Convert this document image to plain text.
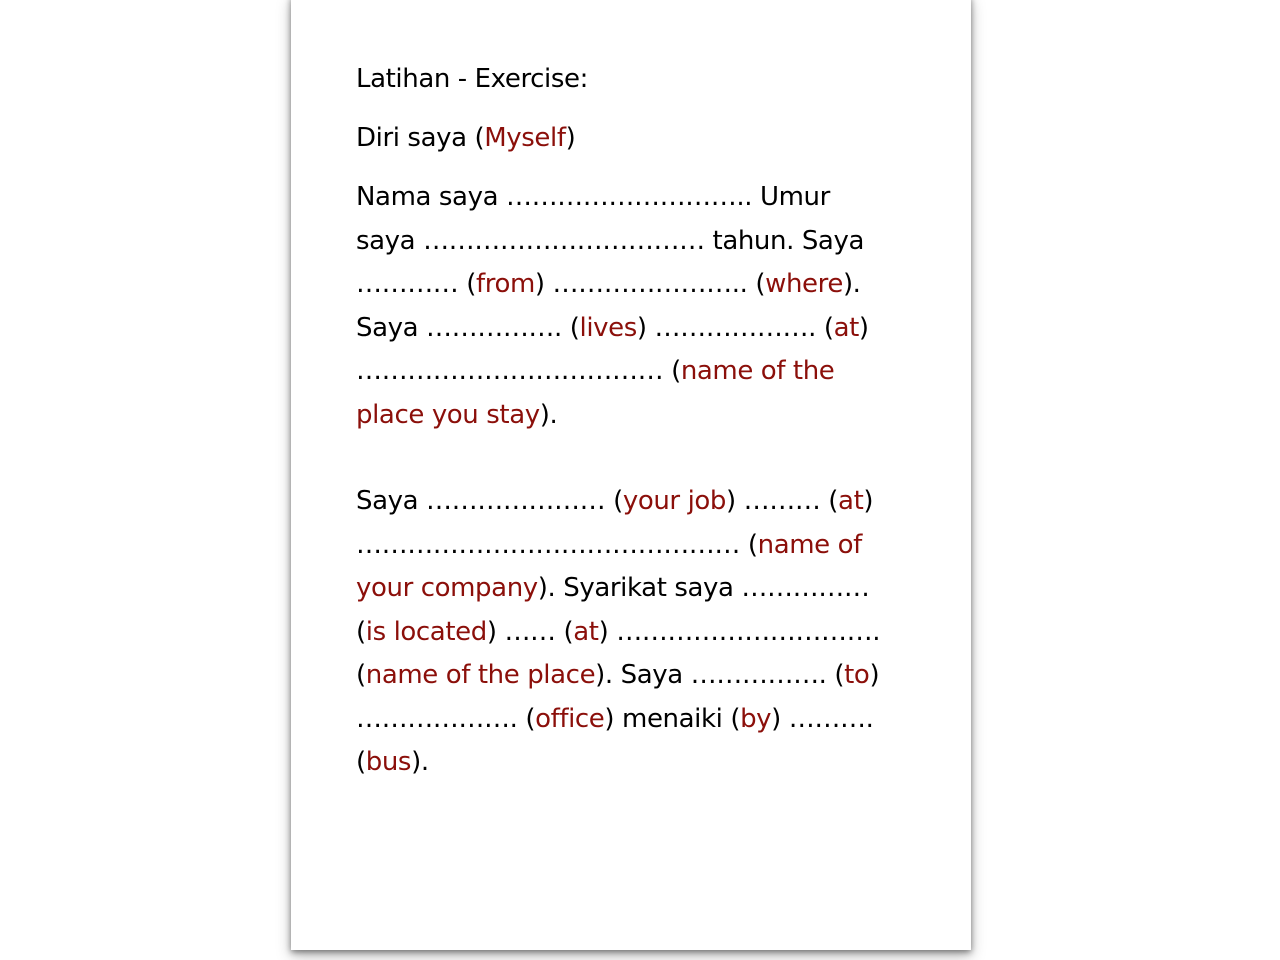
Latihan - Exercise:
Diri saya (Myself)
Nama saya ……………………….. Umur
saya …………………………… tahun. Saya
………… (from) ………………….. (where).
Saya ……………. (lives) ………………. (at)
……………………………… (name of the
place you stay).
Saya ………………… (your job) ……… (at)
……………………………………… (name of
your company). Syarikat saya ……………
(is located) …… (at) ………………………….
(name of the place). Saya ……………. (to)
………………. (office) menaiki (by) ……….
(bus).
